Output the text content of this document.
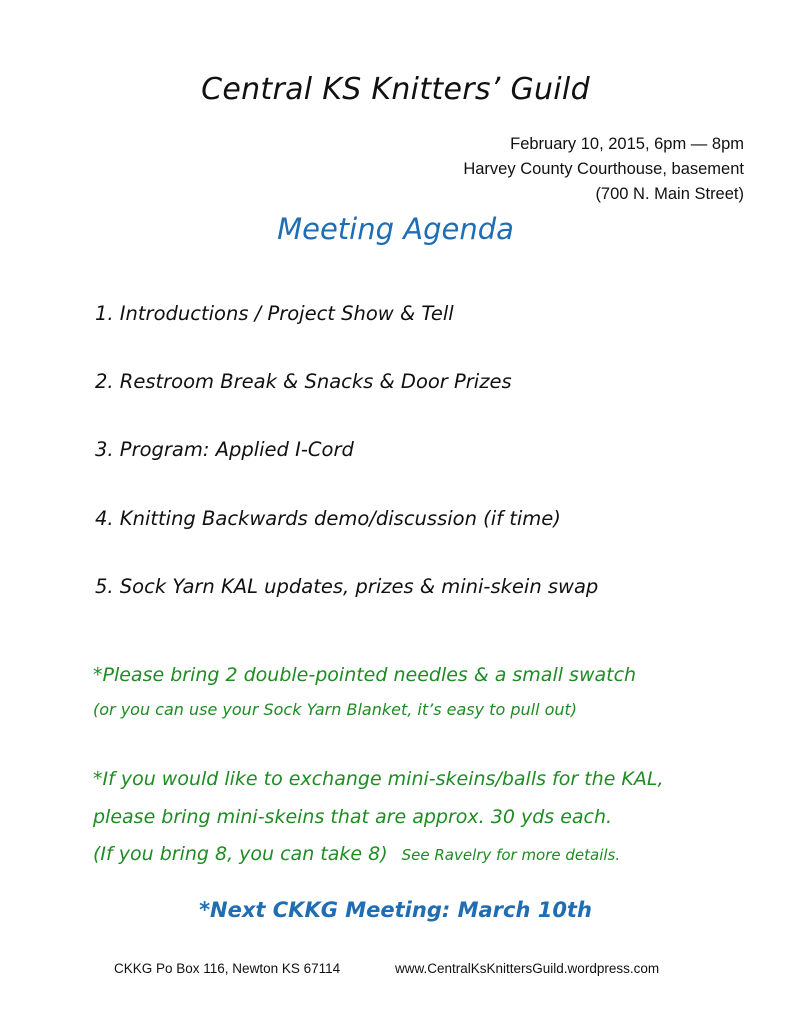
Central KS Knitters’ Guild
February 10, 2015, 6pm — 8pm
Harvey County Courthouse, basement
(700 N. Main Street)
Meeting Agenda
1. Introductions / Project Show & Tell
2. Restroom Break & Snacks & Door Prizes
3. Program: Applied I-Cord
4. Knitting Backwards demo/discussion (if time)
5. Sock Yarn KAL updates, prizes & mini-skein swap
*Please bring 2 double-pointed needles & a small swatch
(or you can use your Sock Yarn Blanket, it’s easy to pull out)
*If you would like to exchange mini-skeins/balls for the KAL,
please bring mini-skeins that are approx. 30 yds each.
(If you bring 8, you can take 8) See Ravelry for more details.
*Next CKKG Meeting: March 10th
CKKG Po Box 116, Newton KS 67114	www.CentralKsKnittersGuild.wordpress.com
